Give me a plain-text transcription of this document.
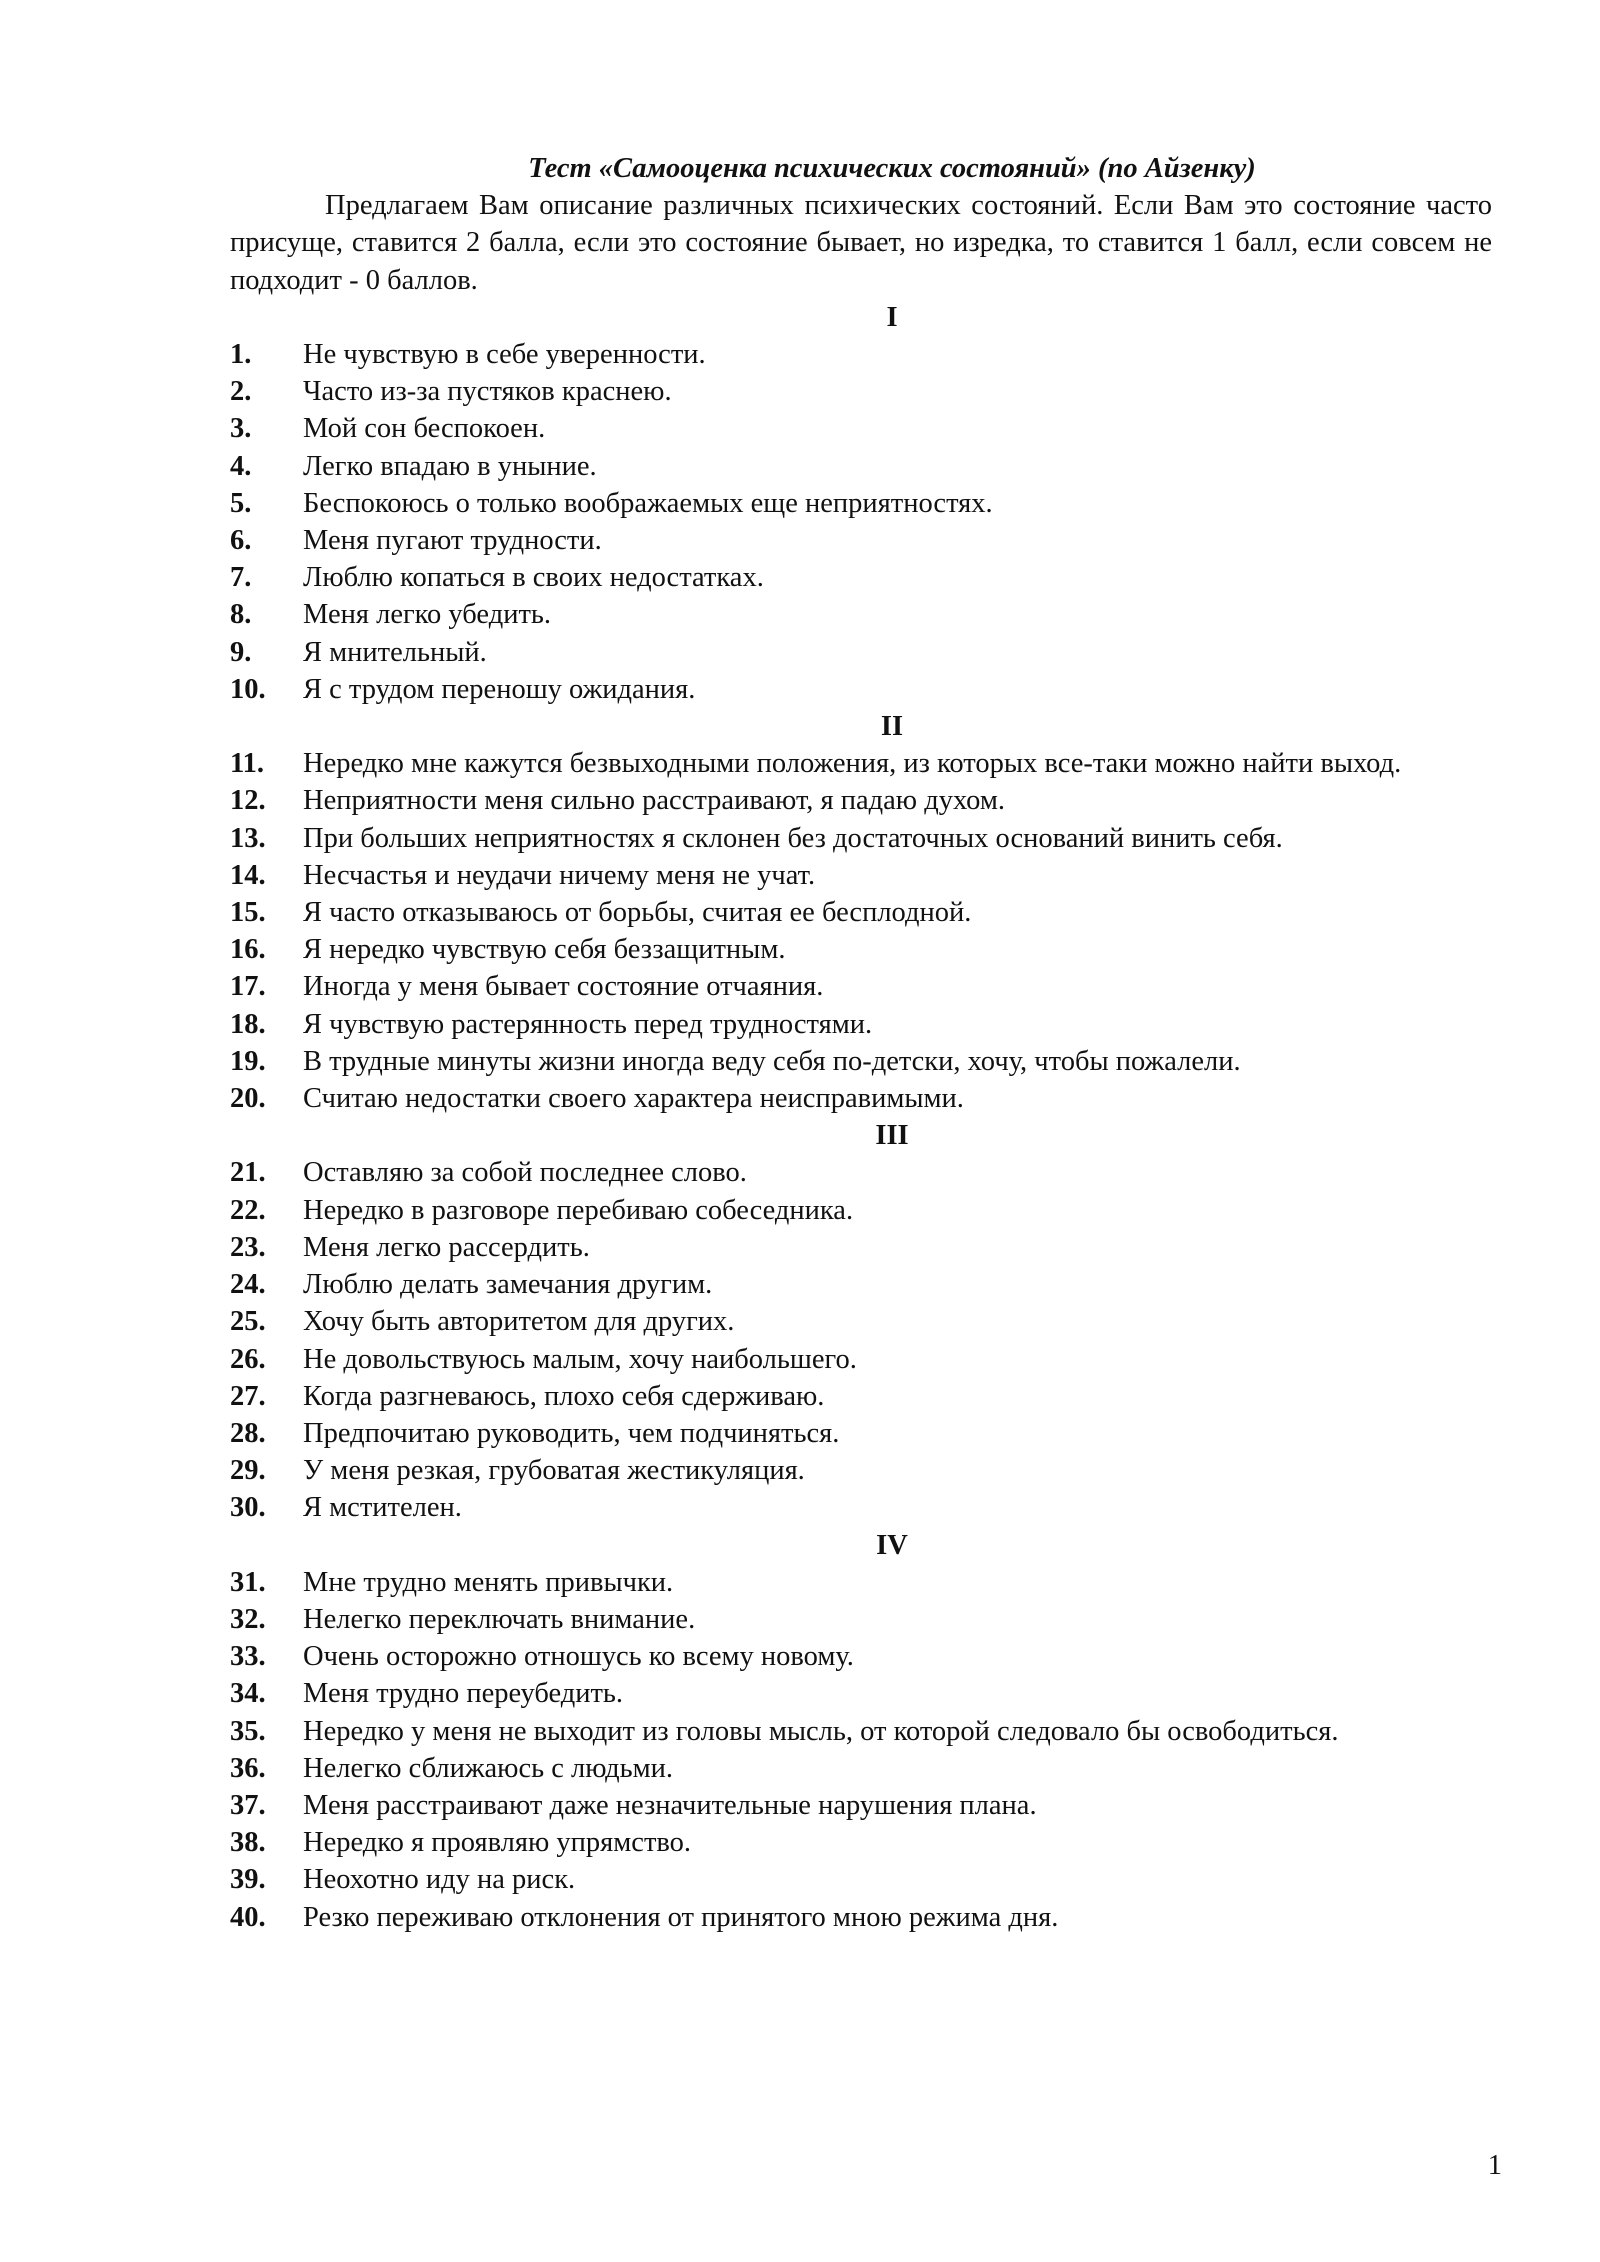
Тест «Самооценка психических состояний» (по Айзенку)

Предлагаем Вам описание различных психических состояний. Если Вам это состояние часто присуще, ставится 2 балла, если это состояние бывает, но изредка, то ставится 1 балл, если совсем не подходит - 0 баллов.

I
1.	Не чувствую в себе уверенности.
2.	Часто из-за пустяков краснею.
3.	Мой сон беспокоен.
4.	Легко впадаю в уныние.
5.	Беспокоюсь о только воображаемых еще неприятностях.
6.	Меня пугают трудности.
7.	Люблю копаться в своих недостатках.
8.	Меня легко убедить.
9.	Я мнительный.
10.	Я с трудом переношу ожидания.
II
11. Нередко мне кажутся безвыходными положения, из которых все-таки можно найти выход.
12.	Неприятности меня сильно расстраивают, я падаю духом.
13.	При больших неприятностях я склонен без достаточных оснований винить себя.
14.	Несчастья и неудачи ничему меня не учат.
15.	Я часто отказываюсь от борьбы, считая ее бесплодной.
16.	Я нередко чувствую себя беззащитным.
17.	Иногда у меня бывает состояние отчаяния.
18.	Я чувствую растерянность перед трудностями.
19.	В трудные минуты жизни иногда веду себя по-детски, хочу, чтобы пожалели.
20.	Считаю недостатки своего характера неисправимыми.
III
21.	Оставляю за собой последнее слово.
22.	Нередко в разговоре перебиваю собеседника.
23.	Меня легко рассердить.
24.	Люблю делать замечания другим.
25.	Хочу быть авторитетом для других.
26.	Не довольствуюсь малым, хочу наибольшего.
27.	Когда разгневаюсь, плохо себя сдерживаю.
28.	Предпочитаю руководить, чем подчиняться.
29.	У меня резкая, грубоватая жестикуляция.
30.	Я мстителен.
IV
31.	Мне трудно менять привычки.
32.	Нелегко переключать внимание.
33.	Очень осторожно отношусь ко всему новому.
34.	Меня трудно переубедить.
35. Нередко у меня не выходит из головы мысль, от которой следовало бы освободиться.
36.	Нелегко сближаюсь с людьми.
37.	Меня расстраивают даже незначительные нарушения плана.
38.	Нередко я проявляю упрямство.
39.	Неохотно иду на риск.
40.	Резко переживаю отклонения от принятого мною режима дня.
1
